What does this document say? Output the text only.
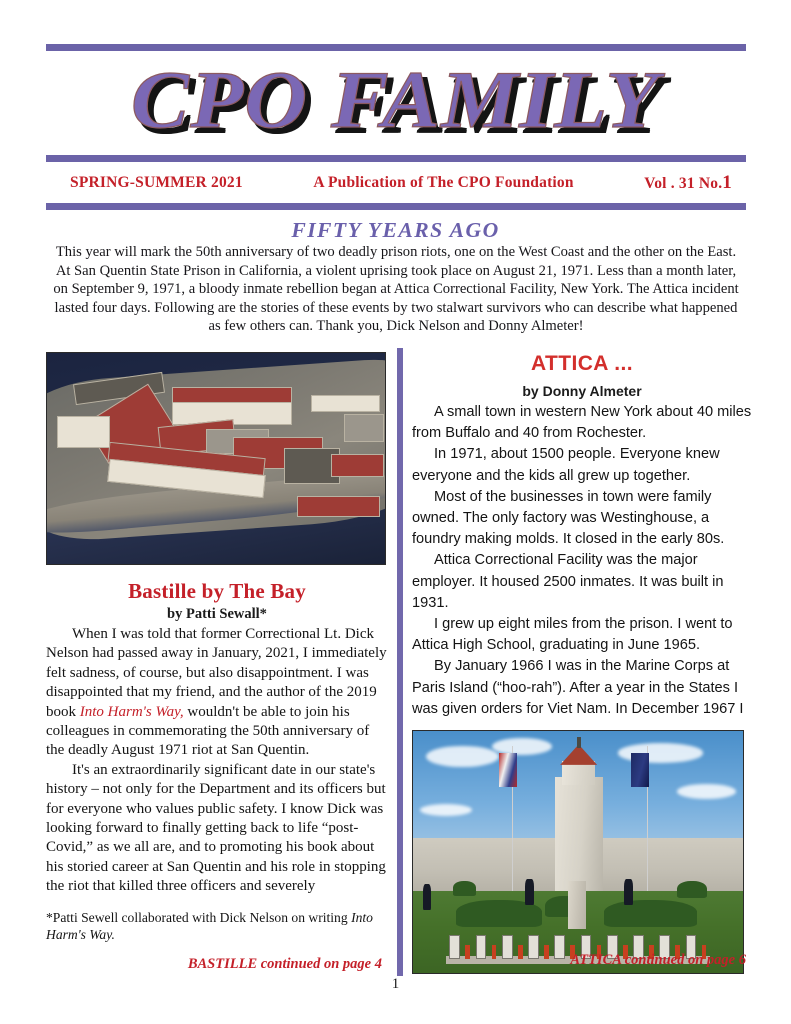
CPO FAMILY
SPRING-SUMMER 2021	A Publication of The CPO Foundation	Vol . 31 No.1
FIFTY YEARS AGO
This year will mark the 50th anniversary of two deadly prison riots, one on the West Coast and the other on the East. At San Quentin State Prison in California, a violent uprising took place on August 21, 1971. Less than a month later, on September 9, 1971, a bloody inmate rebellion began at Attica Correctional Facility, New York. The Attica incident lasted four days. Following are the stories of these events by two stalwart survivors who can describe what happened as few others can. Thank you, Dick Nelson and Donny Almeter!
Bastille by The Bay
by Patti Sewall*

When I was told that former Correctional Lt. Dick Nelson had passed away in January, 2021, I immediately felt sadness, of course, but also disappointment. I was disappointed that my friend, and the author of the 2019 book Into Harm's Way, wouldn't be able to join his colleagues in commemorating the 50th anniversary of the deadly August 1971 riot at San Quentin.

It's an extraordinarily significant date in our state's history – not only for the Department and its officers but for everyone who values public safety. I know Dick was looking forward to finally getting back to life “post-Covid,” as we all are, and to promoting his book about his storied career at San Quentin and his role in stopping the riot that killed three officers and severely

*Patti Sewell collaborated with Dick Nelson on writing Into Harm's Way.
BASTILLE continued on page 4
ATTICA ...
by Donny Almeter

A small town in western New York about 40 miles from Buffalo and 40 from Rochester.

In 1971, about 1500 people. Everyone knew everyone and the kids all grew up together.

Most of the businesses in town were family owned. The only factory was Westinghouse, a foundry making molds. It closed in the early 80s.

Attica Correctional Facility was the major employer. It housed 2500 inmates. It was built in 1931.

I grew up eight miles from the prison. I went to Attica High School, graduating in June 1965.

By January 1966 I was in the Marine Corps at Paris Island (“hoo-rah”). After a year in the States I was given orders for Viet Nam. In December 1967 I

ATTICA continued on page 6
1
